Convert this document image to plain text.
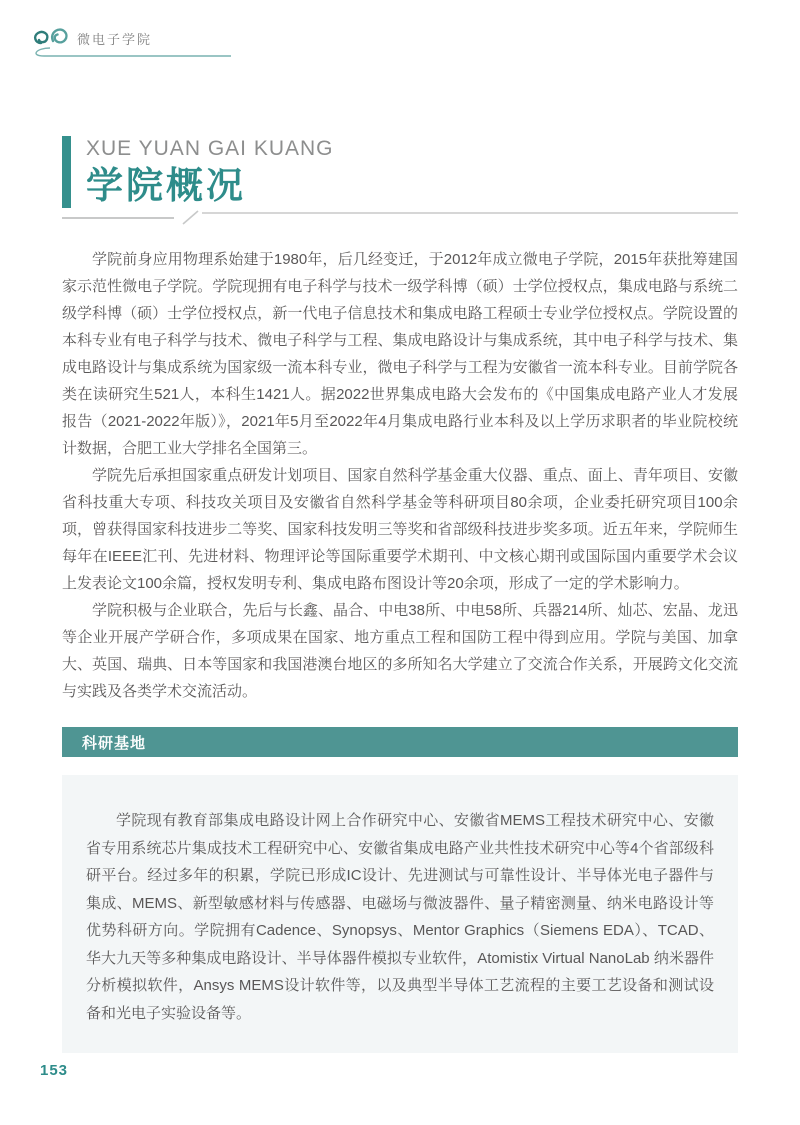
微电子学院
XUE YUAN GAI KUANG
学院概况

学院前身应用物理系始建于1980年，后几经变迁，于2012年成立微电子学院，2015年获批筹建国家示范性微电子学院。学院现拥有电子科学与技术一级学科博（硕）士学位授权点，集成电路与系统二级学科博（硕）士学位授权点，新一代电子信息技术和集成电路工程硕士专业学位授权点。学院设置的本科专业有电子科学与技术、微电子科学与工程、集成电路设计与集成系统，其中电子科学与技术、集成电路设计与集成系统为国家级一流本科专业，微电子科学与工程为安徽省一流本科专业。目前学院各类在读研究生521人，本科生1421人。据2022世界集成电路大会发布的《中国集成电路产业人才发展报告（2021-2022年版）》，2021年5月至2022年4月集成电路行业本科及以上学历求职者的毕业院校统计数据，合肥工业大学排名全国第三。

学院先后承担国家重点研发计划项目、国家自然科学基金重大仪器、重点、面上、青年项目、安徽省科技重大专项、科技攻关项目及安徽省自然科学基金等科研项目80余项，企业委托研究项目100余项，曾获得国家科技进步二等奖、国家科技发明三等奖和省部级科技进步奖多项。近五年来，学院师生每年在IEEE汇刊、先进材料、物理评论等国际重要学术期刊、中文核心期刊或国际国内重要学术会议上发表论文100余篇，授权发明专利、集成电路布图设计等20余项，形成了一定的学术影响力。

学院积极与企业联合，先后与长鑫、晶合、中电38所、中电58所、兵器214所、灿芯、宏晶、龙迅等企业开展产学研合作，多项成果在国家、地方重点工程和国防工程中得到应用。学院与美国、加拿大、英国、瑞典、日本等国家和我国港澳台地区的多所知名大学建立了交流合作关系，开展跨文化交流与实践及各类学术交流活动。

科研基地

学院现有教育部集成电路设计网上合作研究中心、安徽省MEMS工程技术研究中心、安徽省专用系统芯片集成技术工程研究中心、安徽省集成电路产业共性技术研究中心等4个省部级科研平台。经过多年的积累，学院已形成IC设计、先进测试与可靠性设计、半导体光电子器件与集成、MEMS、新型敏感材料与传感器、电磁场与微波器件、量子精密测量、纳米电路设计等优势科研方向。学院拥有Cadence、Synopsys、Mentor Graphics（Siemens EDA）、TCAD、华大九天等多种集成电路设计、半导体器件模拟专业软件，Atomistix Virtual NanoLab 纳米器件分析模拟软件，Ansys MEMS设计软件等，以及典型半导体工艺流程的主要工艺设备和测试设备和光电子实验设备等。

153
